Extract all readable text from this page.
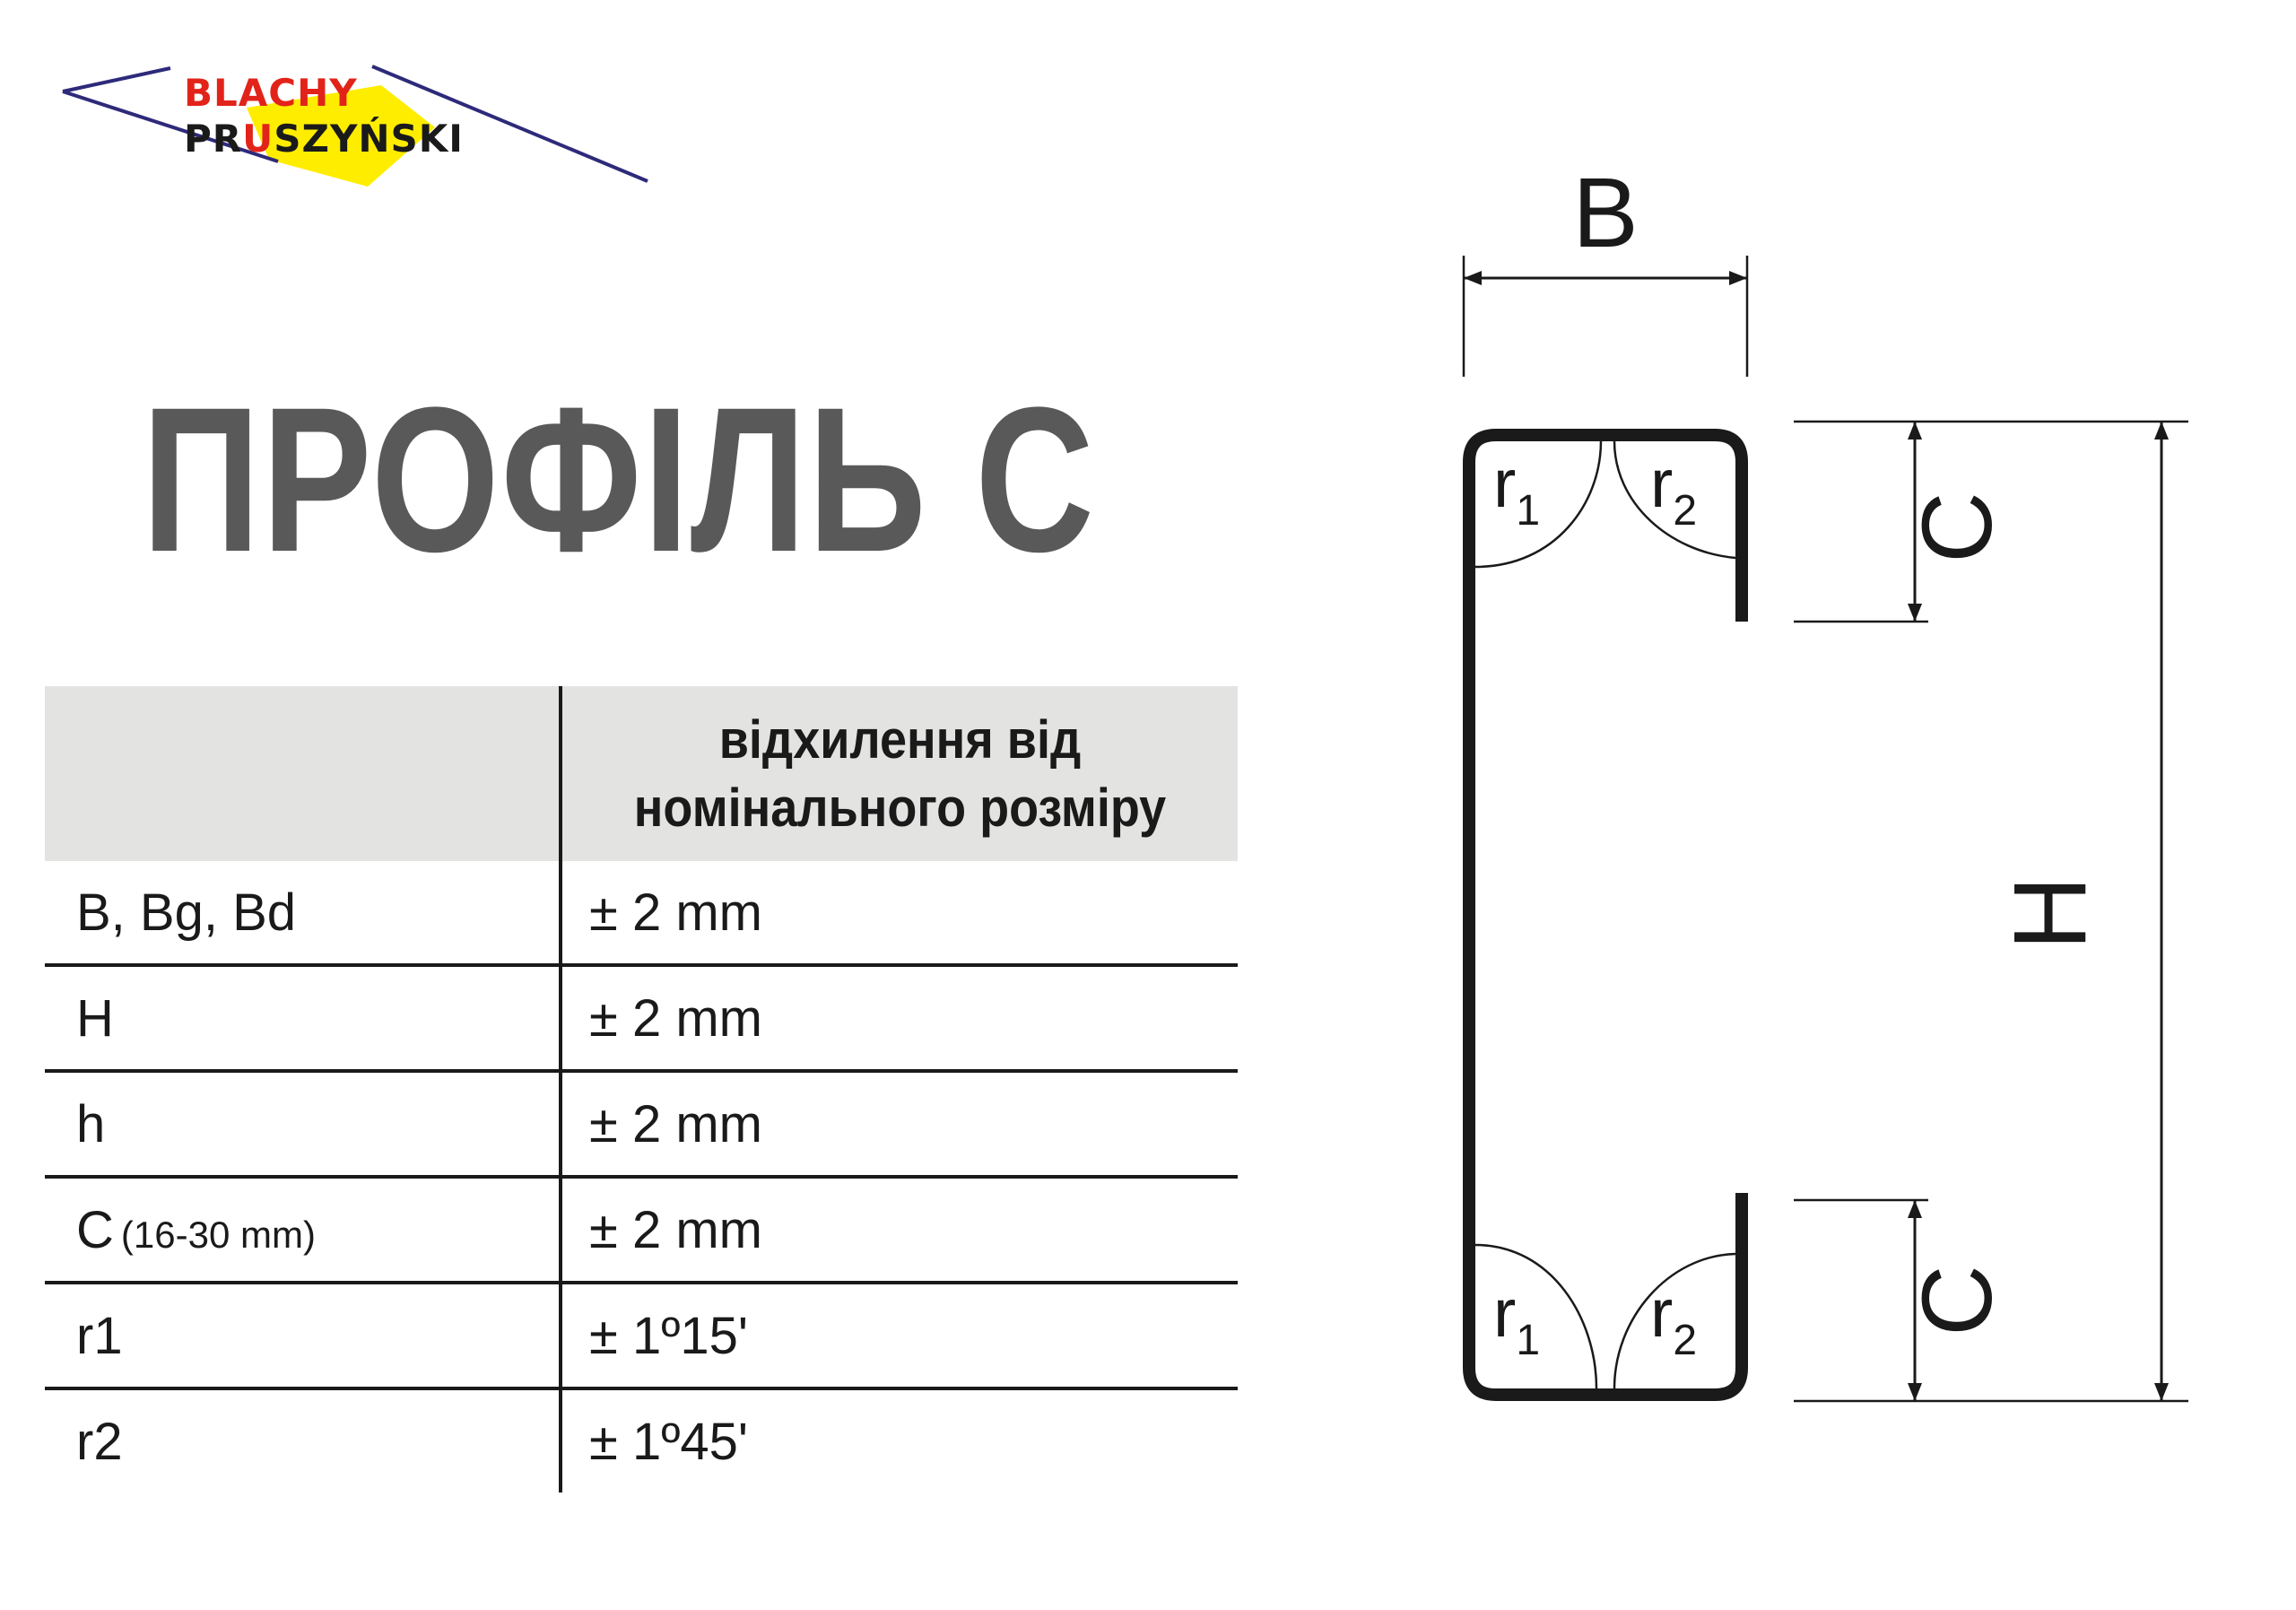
BLACHY
PRUSZYŃSKI
ПРОФІЛЬ С

	відхилення від
номінального розміру

B, Bg, Bd	± 2 mm
H	± 2 mm
h	± 2 mm
C (16-30 mm)	± 2 mm
r1	± 1º15'
r2	± 1º45'
$r_1$ $r_2$
$r_1$ $r_2$
B
H
C
C
